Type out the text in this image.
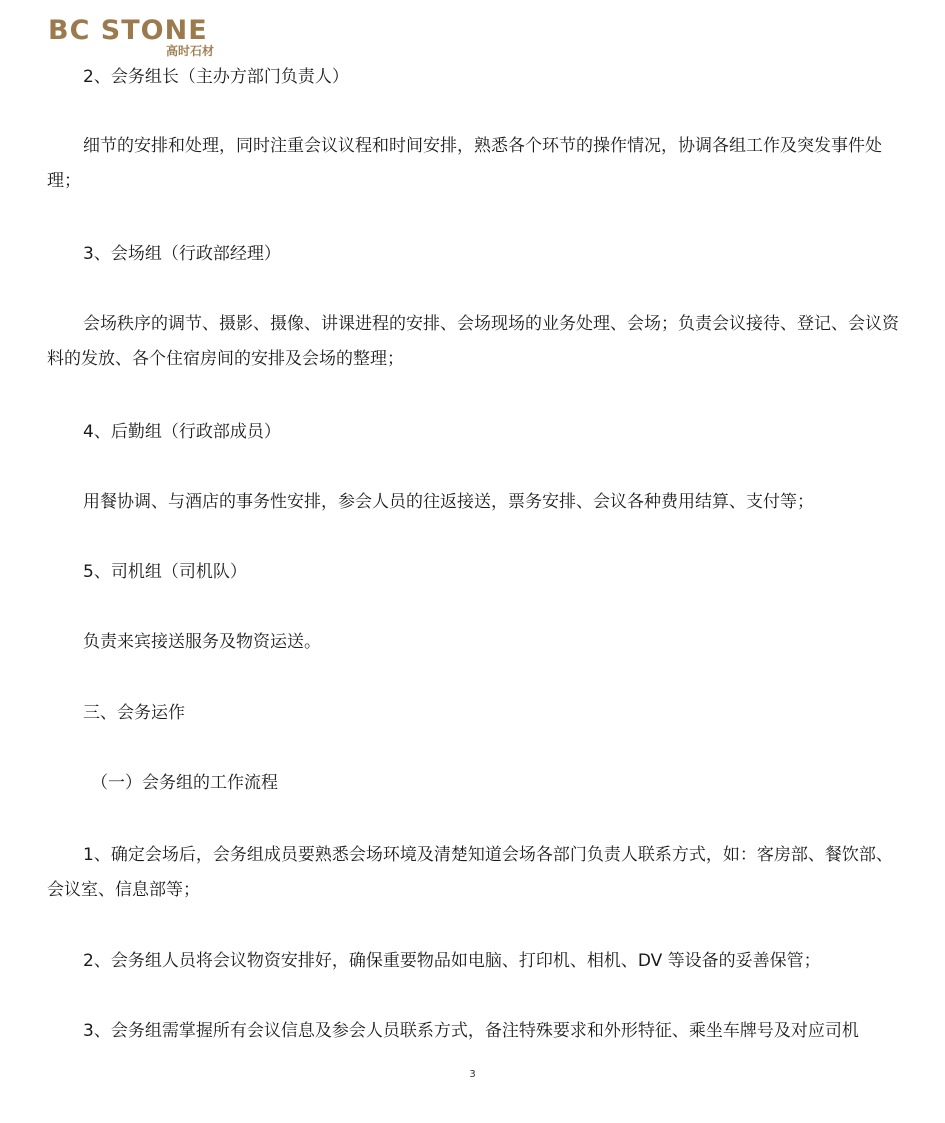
BC STONE
高时石材

2、会务组长（主办方部门负责人）

细节的安排和处理，同时注重会议议程和时间安排，熟悉各个环节的操作情况，协调各组工作及突发事件处理；

3、会场组（行政部经理）

会场秩序的调节、摄影、摄像、讲课进程的安排、会场现场的业务处理、会场；负责会议接待、登记、会议资料的发放、各个住宿房间的安排及会场的整理；

4、后勤组（行政部成员）

用餐协调、与酒店的事务性安排，参会人员的往返接送，票务安排、会议各种费用结算、支付等；

5、司机组（司机队）

负责来宾接送服务及物资运送。

三、会务运作

（一）会务组的工作流程

1、确定会场后，会务组成员要熟悉会场环境及清楚知道会场各部门负责人联系方式，如：客房部、餐饮部、会议室、信息部等；

2、会务组人员将会议物资安排好，确保重要物品如电脑、打印机、相机、DV 等设备的妥善保管；

3、会务组需掌握所有会议信息及参会人员联系方式，备注特殊要求和外形特征、乘坐车牌号及对应司机

3
